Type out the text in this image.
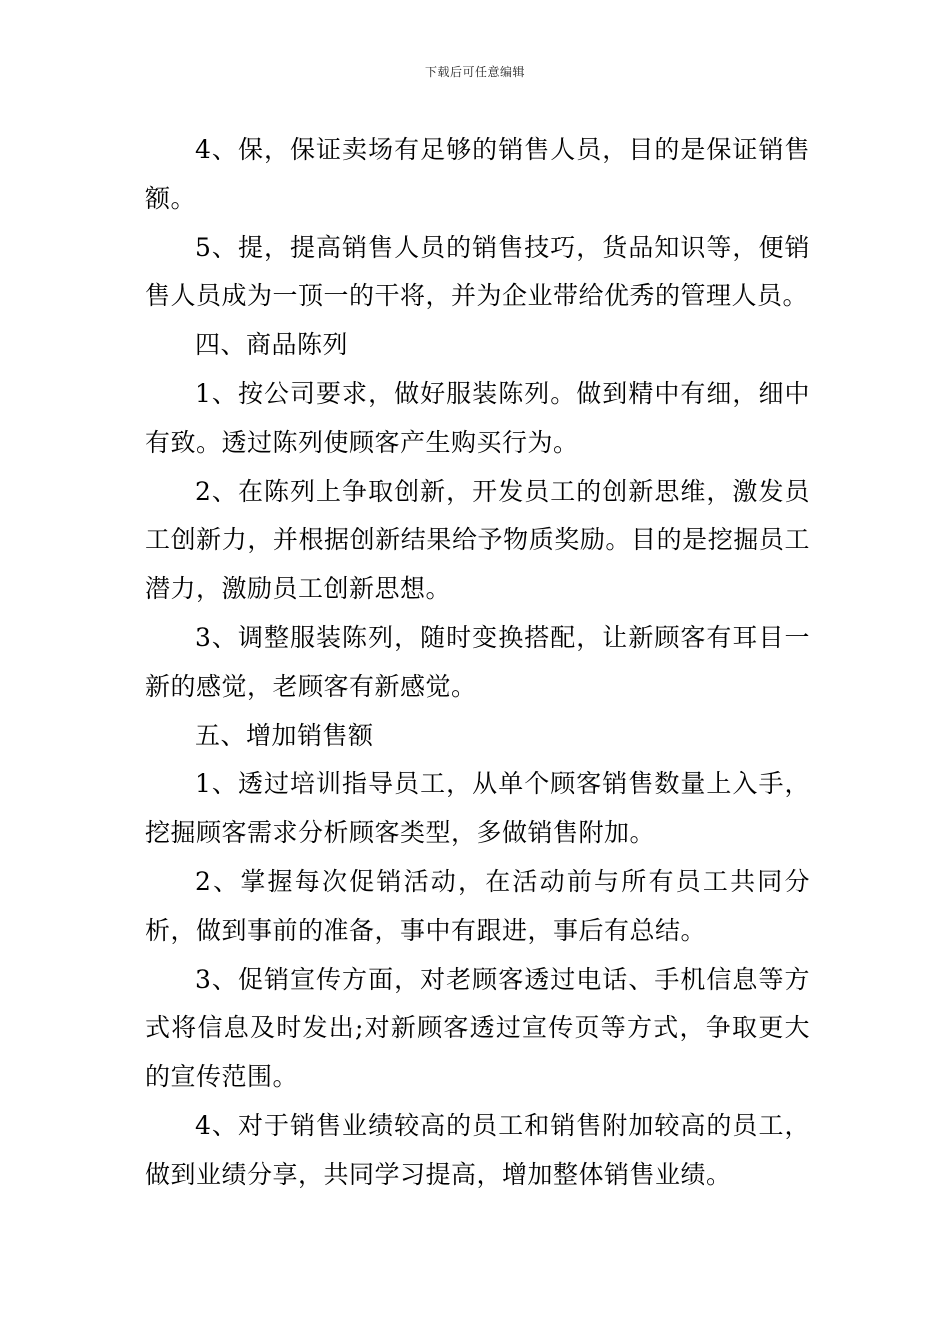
下载后可任意编辑

4、保，保证卖场有足够的销售人员，目的是保证销售额。

5、提，提高销售人员的销售技巧，货品知识等，便销售人员成为一顶一的干将，并为企业带给优秀的管理人员。

四、商品陈列

1、按公司要求，做好服装陈列。做到精中有细，细中有致。透过陈列使顾客产生购买行为。

2、在陈列上争取创新，开发员工的创新思维，激发员工创新力，并根据创新结果给予物质奖励。目的是挖掘员工潜力，激励员工创新思想。

3、调整服装陈列，随时变换搭配，让新顾客有耳目一新的感觉，老顾客有新感觉。

五、增加销售额

1、透过培训指导员工，从单个顾客销售数量上入手，挖掘顾客需求分析顾客类型，多做销售附加。

2、掌握每次促销活动，在活动前与所有员工共同分析，做到事前的准备，事中有跟进，事后有总结。

3、促销宣传方面，对老顾客透过电话、手机信息等方式将信息及时发出;对新顾客透过宣传页等方式，争取更大的宣传范围。

4、对于销售业绩较高的员工和销售附加较高的员工，做到业绩分享，共同学习提高，增加整体销售业绩。
